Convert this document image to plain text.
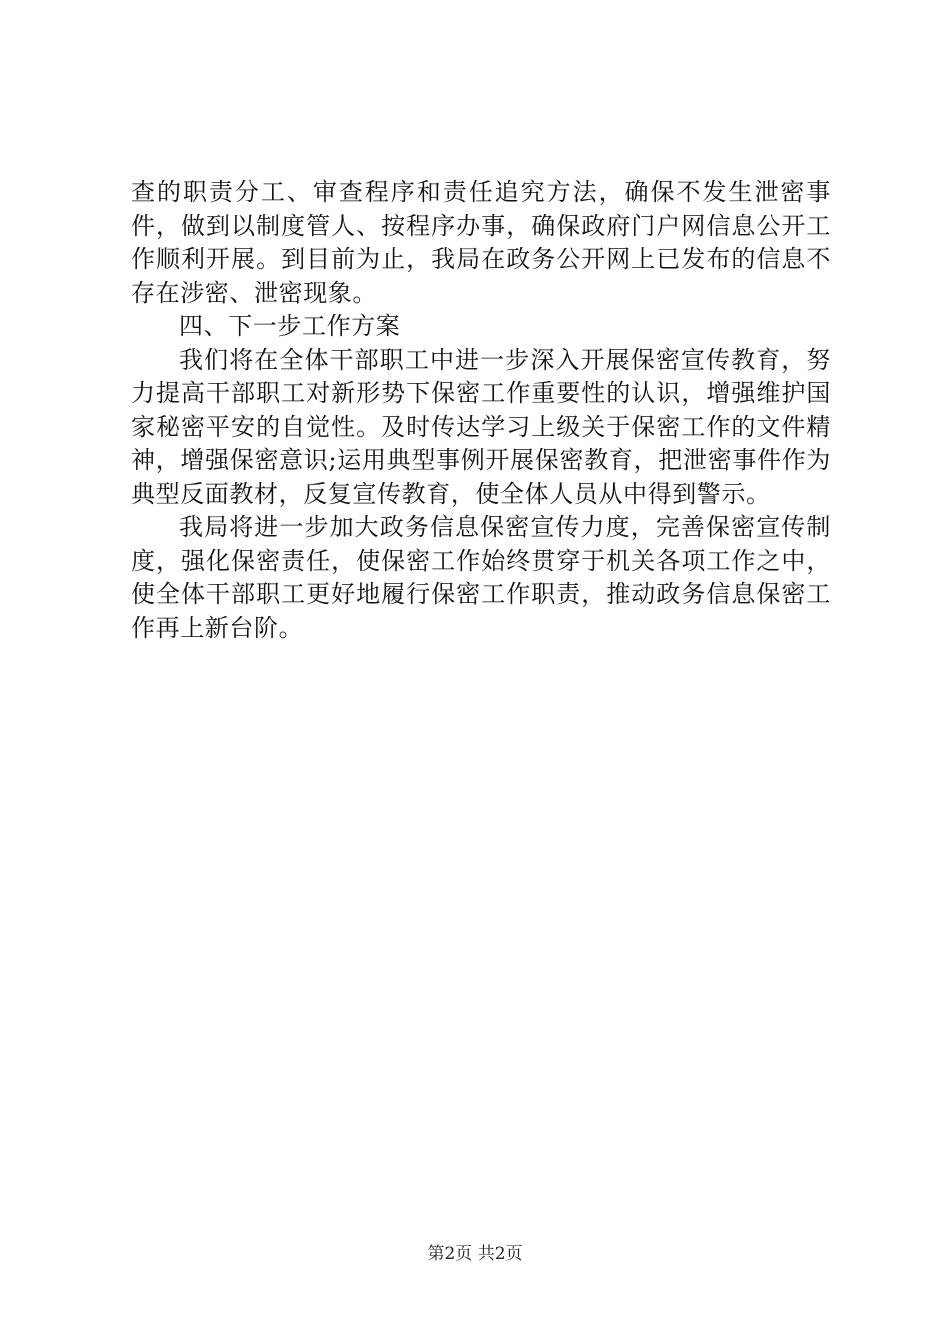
查的职责分工、审查程序和责任追究方法，确保不发生泄密事件，做到以制度管人、按程序办事，确保政府门户网信息公开工作顺利开展。到目前为止，我局在政务公开网上已发布的信息不存在涉密、泄密现象。

四、下一步工作方案

我们将在全体干部职工中进一步深入开展保密宣传教育，努力提高干部职工对新形势下保密工作重要性的认识，增强维护国家秘密平安的自觉性。及时传达学习上级关于保密工作的文件精神，增强保密意识;运用典型事例开展保密教育，把泄密事件作为典型反面教材，反复宣传教育，使全体人员从中得到警示。

我局将进一步加大政务信息保密宣传力度，完善保密宣传制度，强化保密责任，使保密工作始终贯穿于机关各项工作之中，使全体干部职工更好地履行保密工作职责，推动政务信息保密工作再上新台阶。

第2页 共2页
